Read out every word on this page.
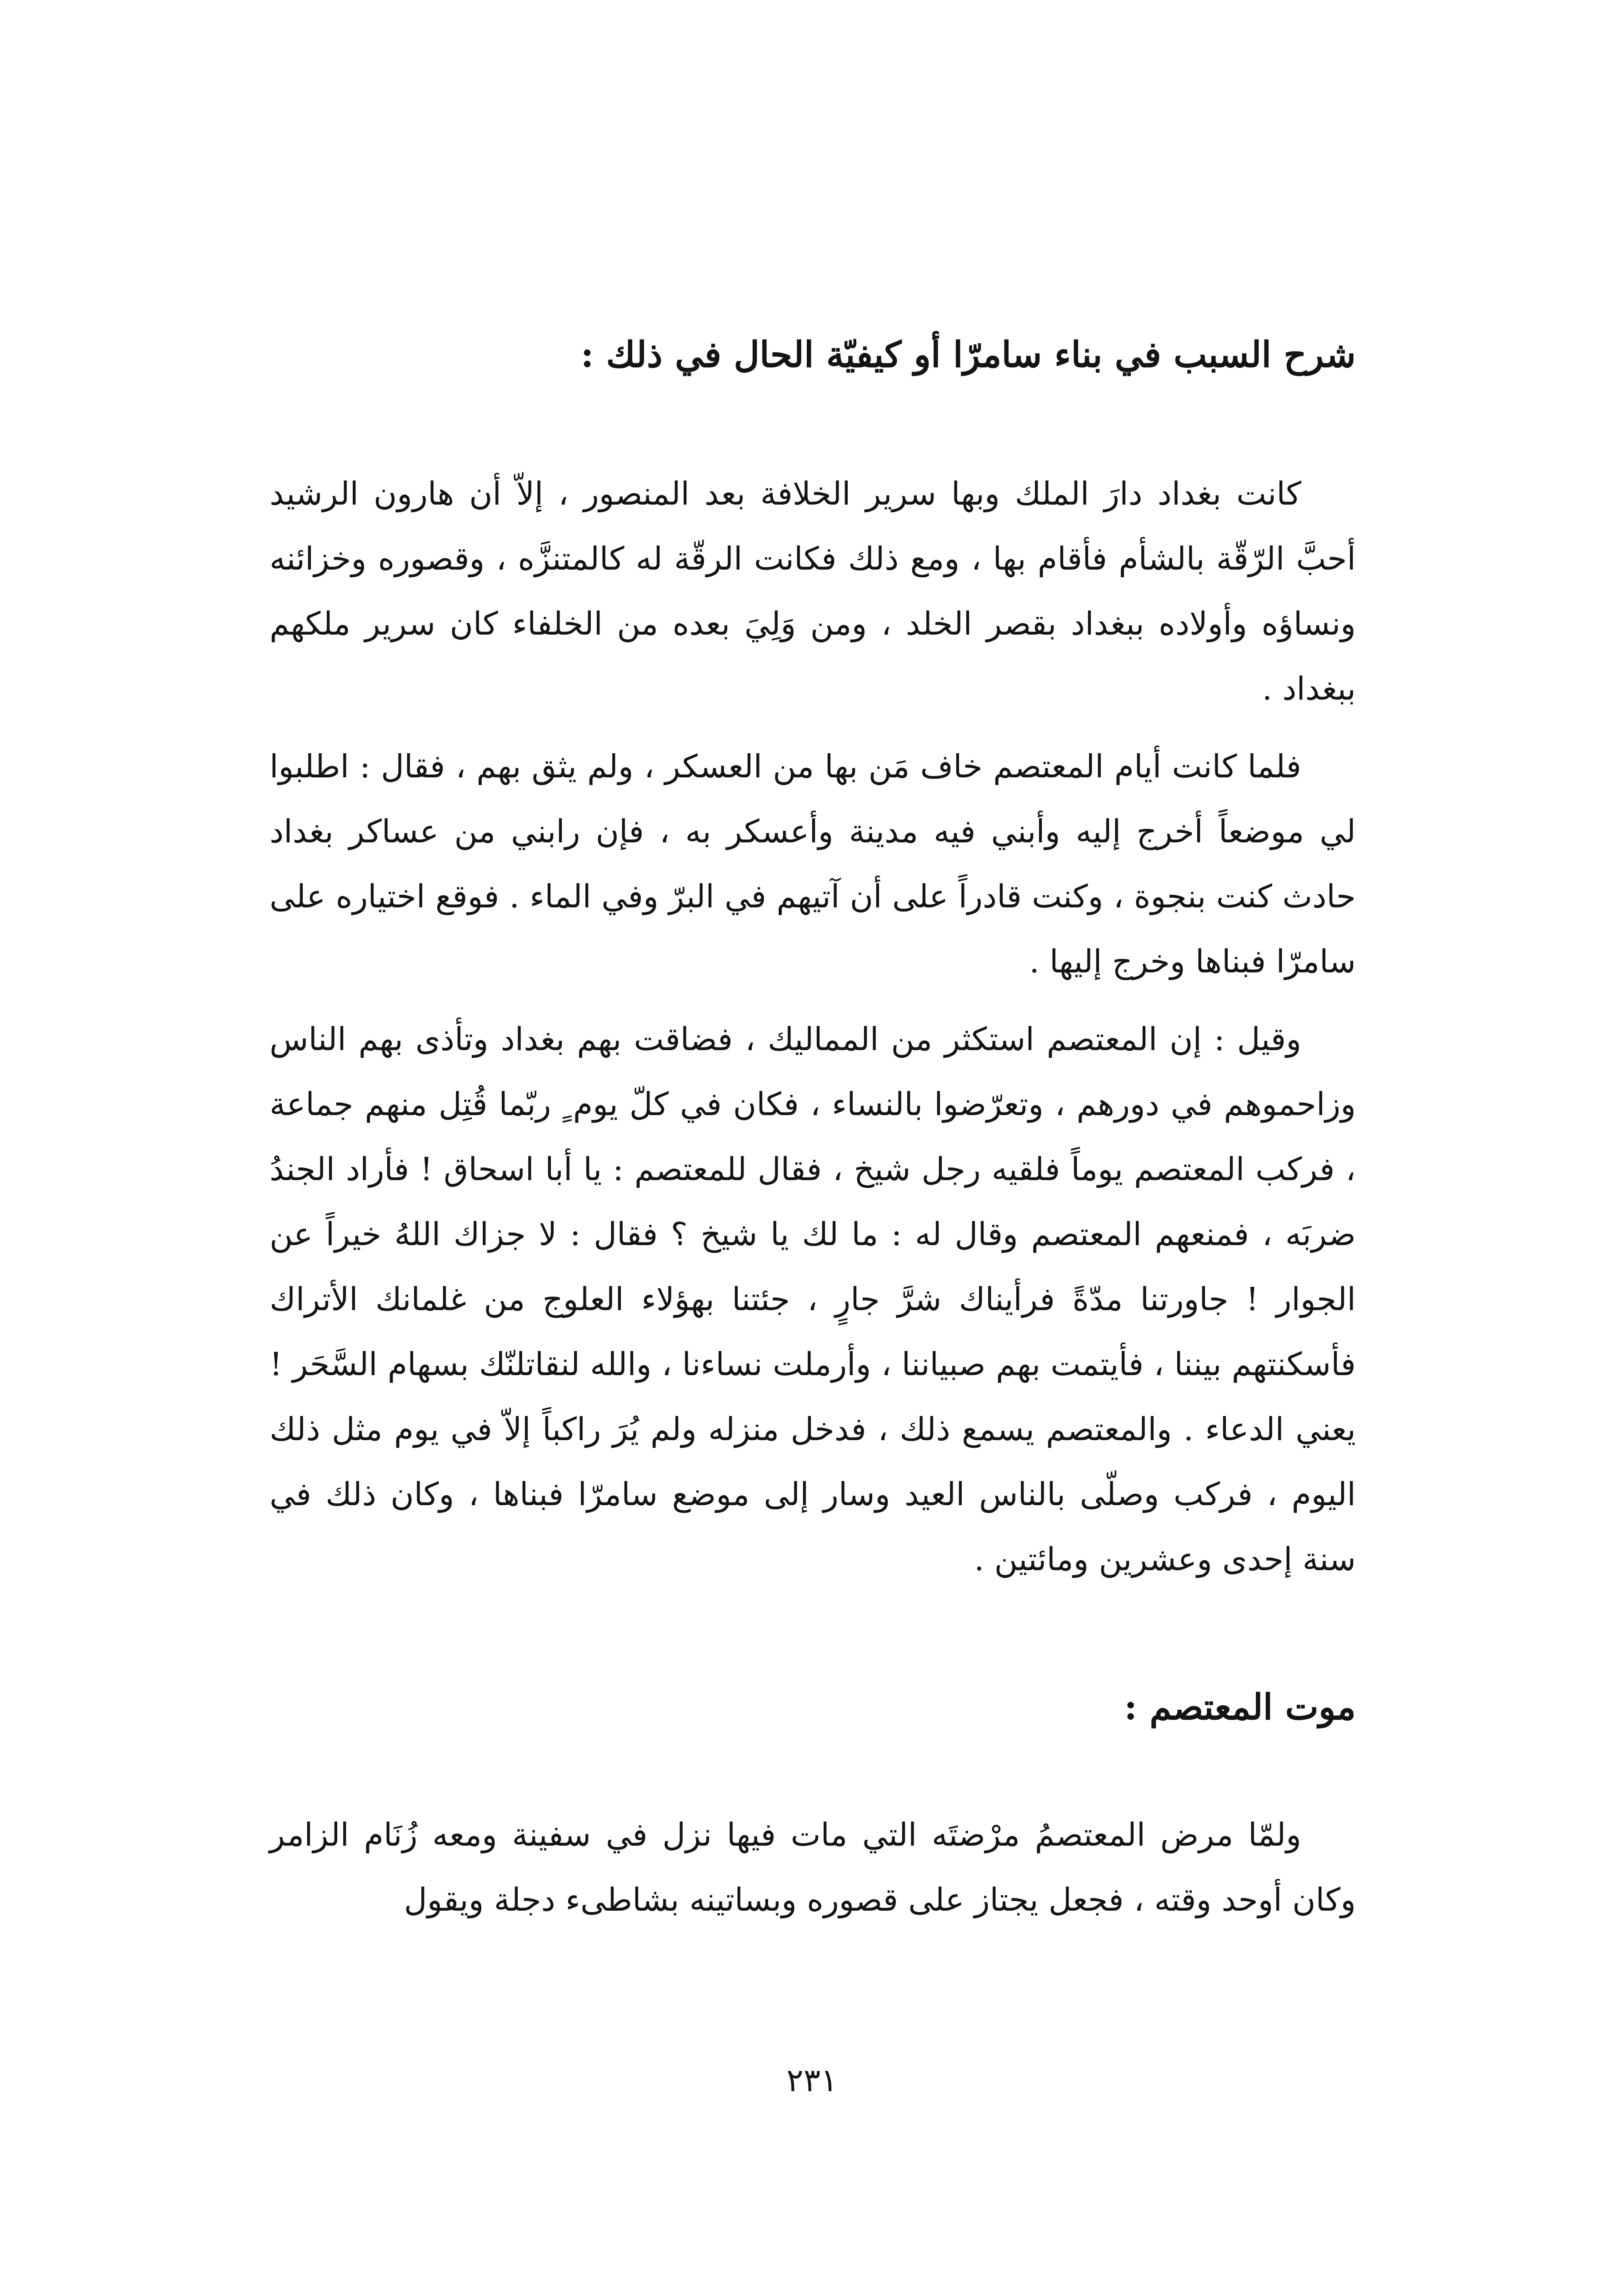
شرح السبب في بناء سامرّا أو كيفيّة الحال في ذلك :

كانت بغداد دارَ الملك وبها سرير الخلافة بعد المنصور ، إلاّ أن هارون الرشيد أحبَّ الرّقّة بالشأم فأقام بها ، ومع ذلك فكانت الرقّة له كالمتنزَّه ، وقصوره وخزائنه ونساؤه وأولاده ببغداد بقصر الخلد ، ومن وَلِيَ بعده من الخلفاء كان سرير ملكهم ببغداد .

فلما كانت أيام المعتصم خاف مَن بها من العسكر ، ولم يثق بهم ، فقال : اطلبوا لي موضعاً أخرج إليه وأبني فيه مدينة وأعسكر به ، فإن رابني من عساكر بغداد حادث كنت بنجوة ، وكنت قادراً على أن آتيهم في البرّ وفي الماء . فوقع اختياره على سامرّا فبناها وخرج إليها .

وقيل : إن المعتصم استكثر من المماليك ، فضاقت بهم بغداد وتأذى بهم الناس وزاحموهم في دورهم ، وتعرّضوا بالنساء ، فكان في كلّ يوم ٍ ربّما قُتِل منهم جماعة ، فركب المعتصم يوماً فلقيه رجل شيخ ، فقال للمعتصم : يا أبا اسحاق ! فأراد الجندُ ضربَه ، فمنعهم المعتصم وقال له : ما لك يا شيخ ؟ فقال : لا جزاك اللهُ خيراً عن الجوار ! جاورتنا مدّةً فرأيناك شرَّ جارٍ ، جئتنا بهؤلاء العلوج من غلمانك الأتراك فأسكنتهم بيننا ، فأيتمت بهم صبياننا ، وأرملت نساءنا ، والله لنقاتلنّك بسهام السَّحَر ! يعني الدعاء . والمعتصم يسمع ذلك ، فدخل منزله ولم يُرَ راكباً إلاّ في يوم مثل ذلك اليوم ، فركب وصلّى بالناس العيد وسار إلى موضع سامرّا فبناها ، وكان ذلك في سنة إحدى وعشرين ومائتين .

موت المعتصم :

ولمّا مرض المعتصمُ مرْضتَه التي مات فيها نزل في سفينة ومعه زُنَام الزامر وكان أوحد وقته ، فجعل يجتاز على قصوره وبساتينه بشاطىء دجلة ويقول

٢٣١
